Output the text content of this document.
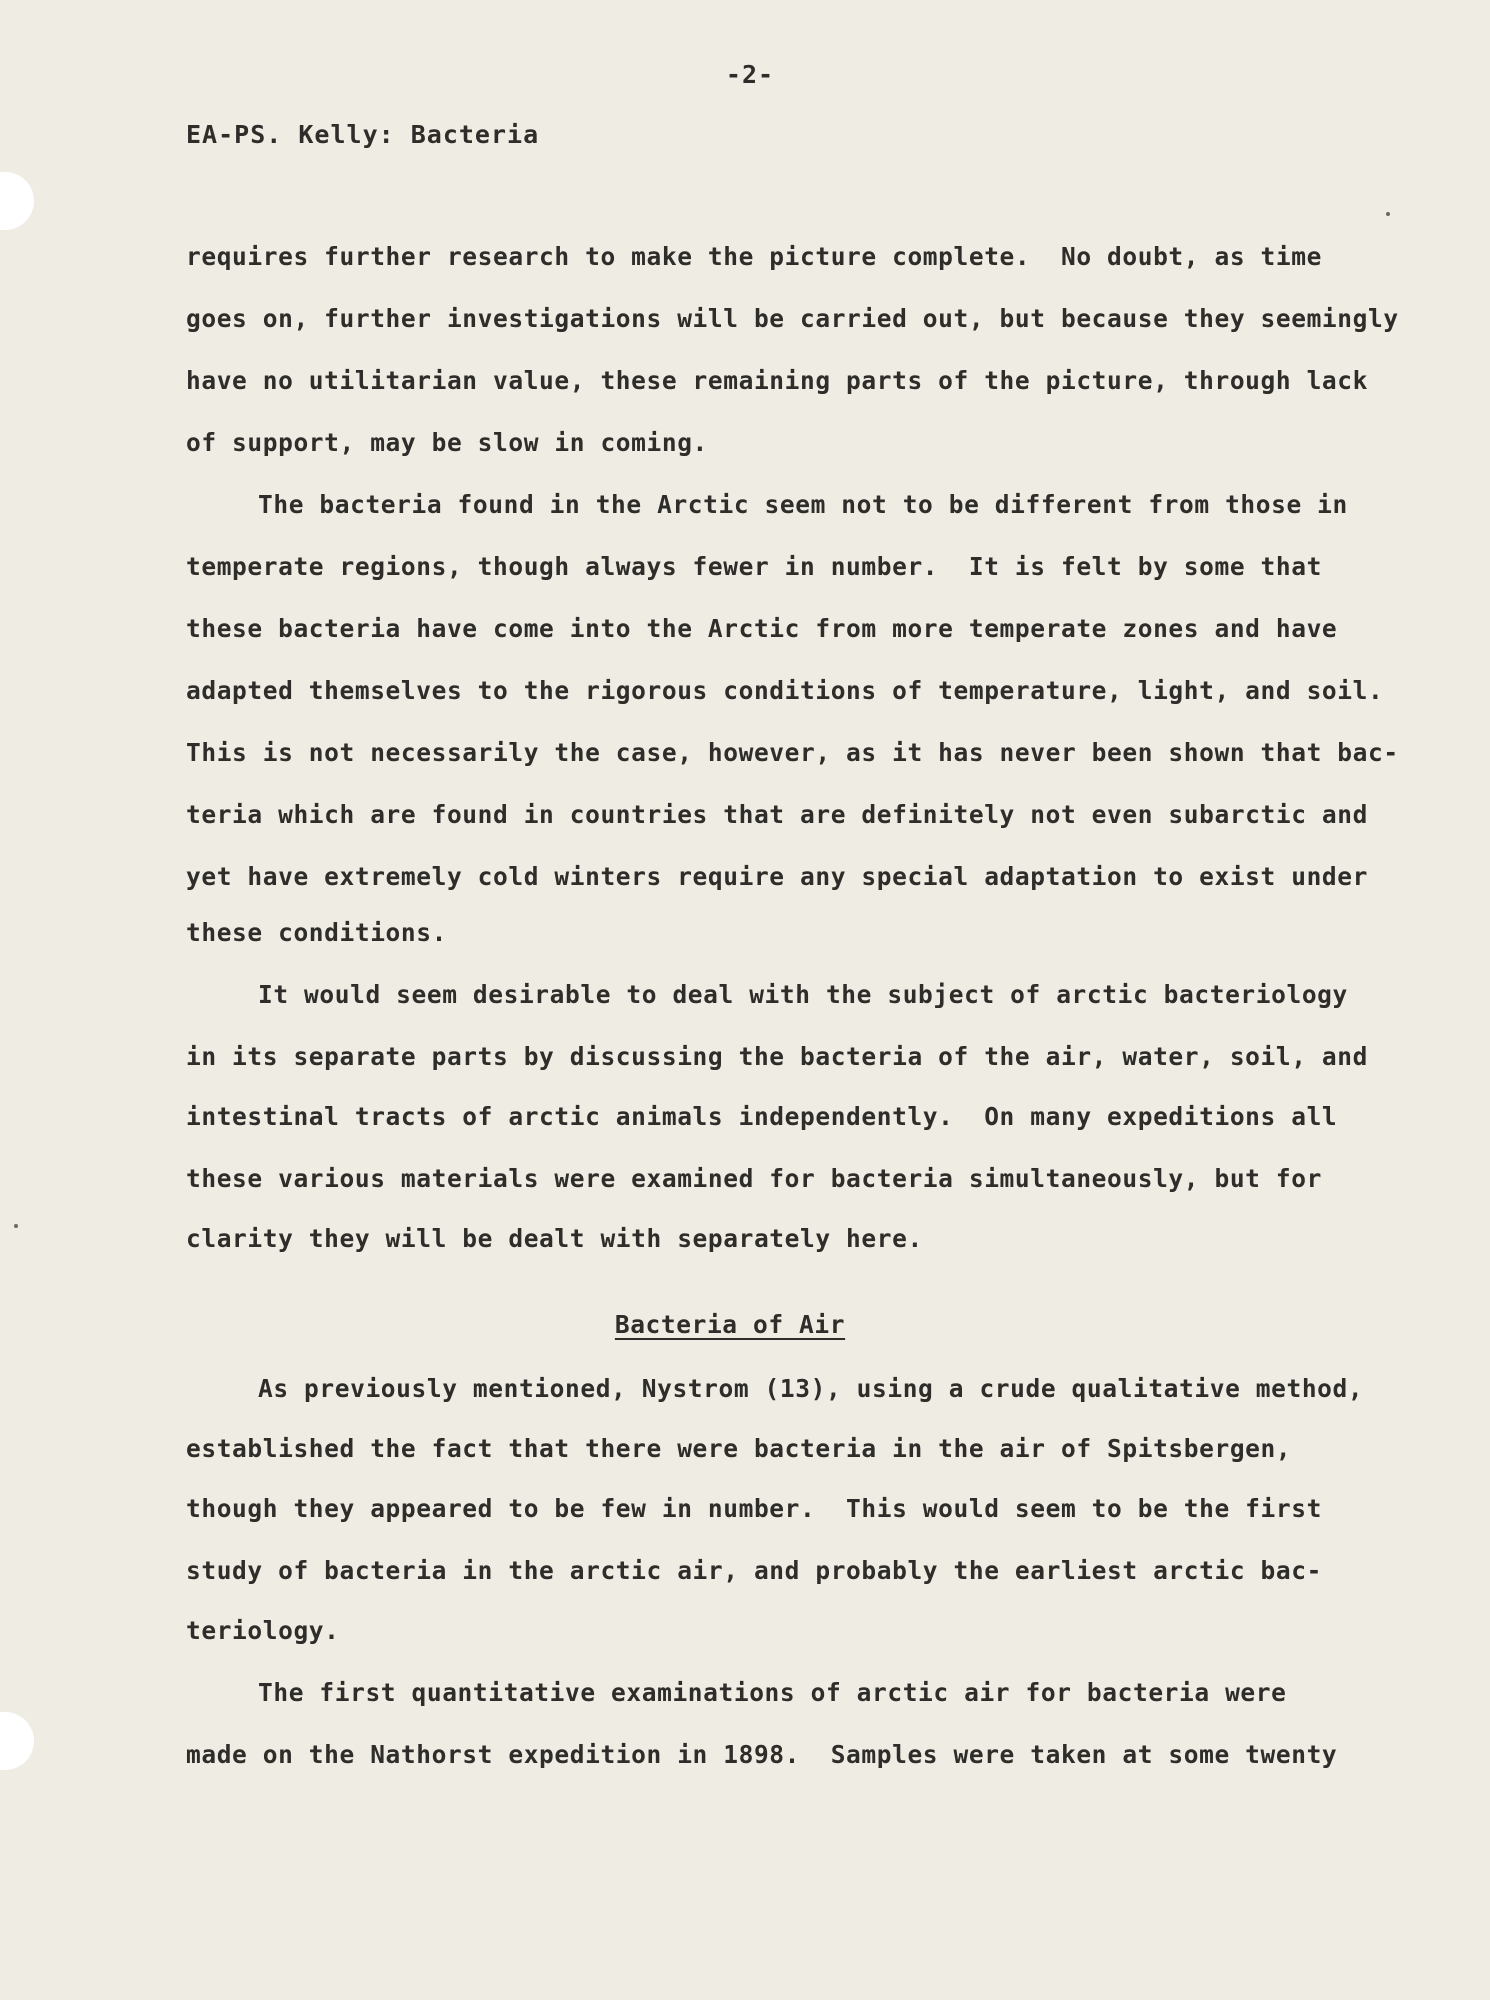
-2-
EA-PS. Kelly: Bacteria
requires further research to make the picture complete.  No doubt, as time
goes on, further investigations will be carried out, but because they seemingly
have no utilitarian value, these remaining parts of the picture, through lack
of support, may be slow in coming.
The bacteria found in the Arctic seem not to be different from those in
temperate regions, though always fewer in number.  It is felt by some that
these bacteria have come into the Arctic from more temperate zones and have
adapted themselves to the rigorous conditions of temperature, light, and soil.
This is not necessarily the case, however, as it has never been shown that bac-
teria which are found in countries that are definitely not even subarctic and
yet have extremely cold winters require any special adaptation to exist under
these conditions.
It would seem desirable to deal with the subject of arctic bacteriology
in its separate parts by discussing the bacteria of the air, water, soil, and
intestinal tracts of arctic animals independently.  On many expeditions all
these various materials were examined for bacteria simultaneously, but for
clarity they will be dealt with separately here.
Bacteria of Air
As previously mentioned, Nystrom (13), using a crude qualitative method,
established the fact that there were bacteria in the air of Spitsbergen,
though they appeared to be few in number.  This would seem to be the first
study of bacteria in the arctic air, and probably the earliest arctic bac-
teriology.
The first quantitative examinations of arctic air for bacteria were
made on the Nathorst expedition in 1898.  Samples were taken at some twenty
